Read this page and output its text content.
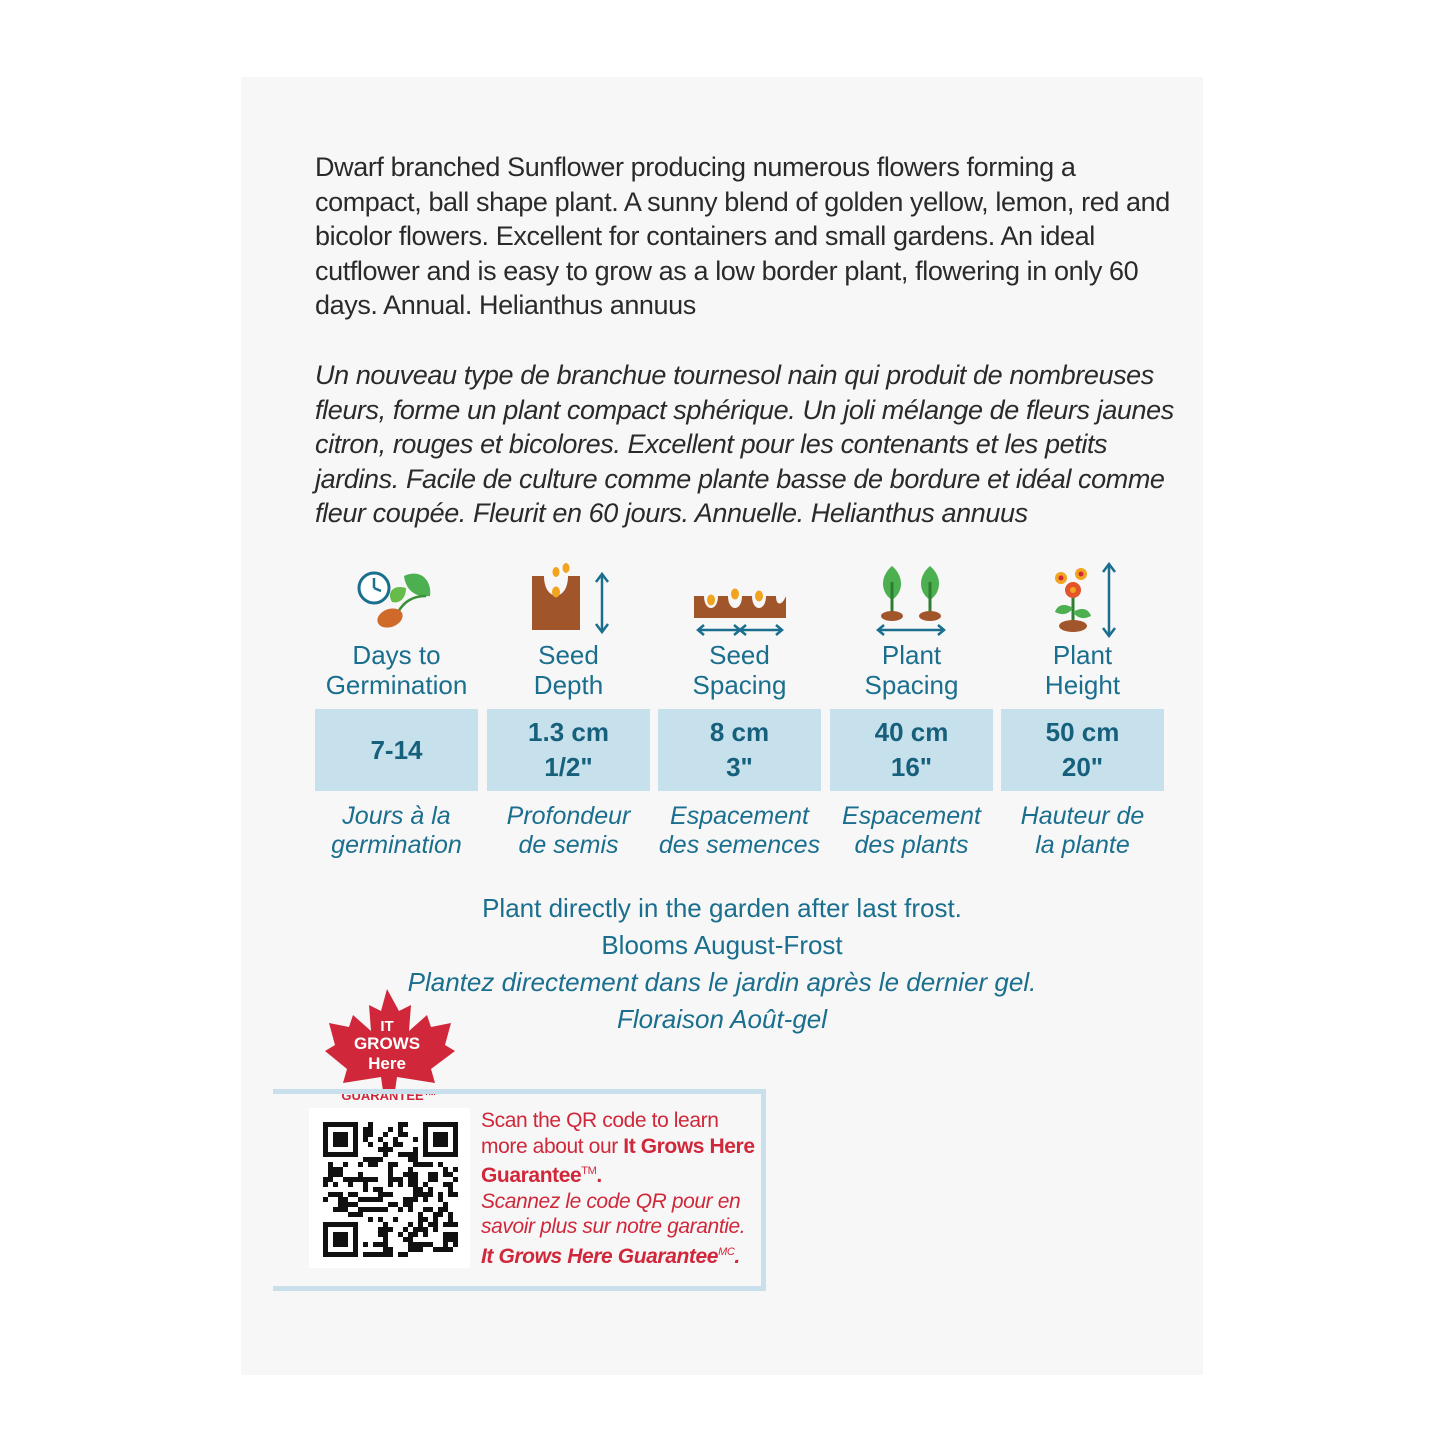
Dwarf branched Sunflower producing numerous flowers forming a compact, ball shape plant. A sunny blend of golden yellow, lemon, red and bicolor flowers. Excellent for containers and small gardens. An ideal cutflower and is easy to grow as a low border plant, flowering in only 60 days. Annual. Helianthus annuus

Un nouveau type de branchue tournesol nain qui produit de nombreuses fleurs, forme un plant compact sphérique. Un joli mélange de fleurs jaunes citron, rouges et bicolores. Excellent pour les contenants et les petits jardins. Facile de culture comme plante basse de bordure et idéal comme fleur coupée. Fleurit en 60 jours. Annuelle. Helianthus annuus

Days to
Germination
7-14
Jours à la
germination
Seed
Depth
1.3 cm
1/2"
Profondeur
de semis
Seed
Spacing
8 cm
3"
Espacement
des semences
Plant
Spacing
40 cm
16"
Espacement
des plants
Plant
Height
50 cm
20"
Hauteur de
la plante
Plant directly in the garden after last frost.
Blooms August-Frost
Plantez directement dans le jardin après le dernier gel.
Floraison Août-gel
IT
GROWS
Here
GUARANTEE™
Scan the QR code to learn more about our It Grows Here Guarantee™.
Scannez le code QR pour en savoir plus sur notre garantie. It Grows Here Guarantee$^{MC}$.
